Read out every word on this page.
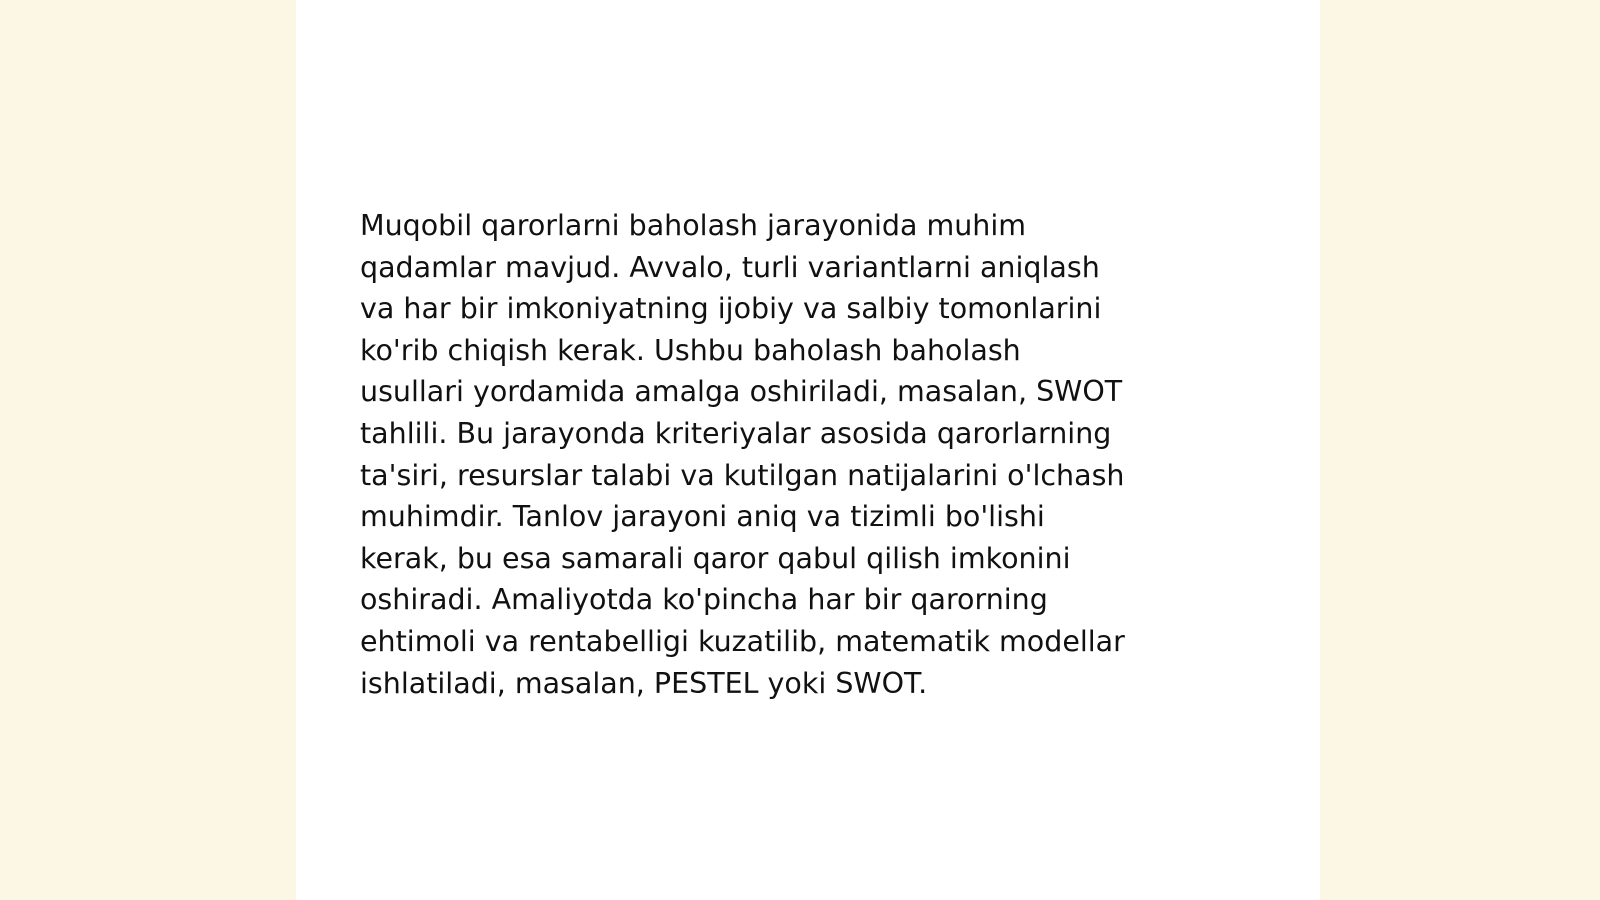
Muqobil qarorlarni baholash jarayonida muhim
qadamlar mavjud. Avvalo, turli variantlarni aniqlash
va har bir imkoniyatning ijobiy va salbiy tomonlarini
ko'rib chiqish kerak. Ushbu baholash baholash
usullari yordamida amalga oshiriladi, masalan, SWOT
tahlili. Bu jarayonda kriteriyalar asosida qarorlarning
ta'siri, resurslar talabi va kutilgan natijalarini o'lchash
muhimdir. Tanlov jarayoni aniq va tizimli bo'lishi
kerak, bu esa samarali qaror qabul qilish imkonini
oshiradi. Amaliyotda ko'pincha har bir qarorning
ehtimoli va rentabelligi kuzatilib, matematik modellar
ishlatiladi, masalan, PESTEL yoki SWOT.
